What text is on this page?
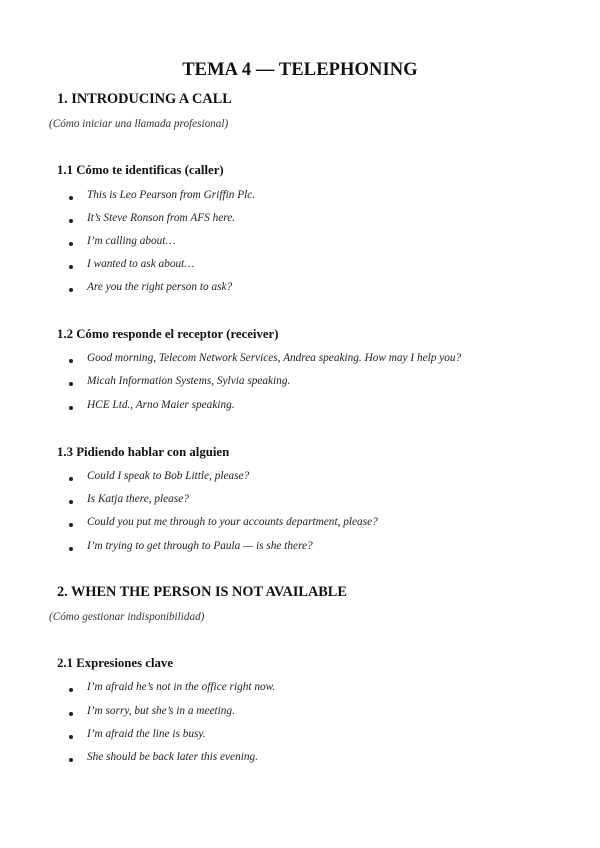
TEMA 4 — TELEPHONING
1. INTRODUCING A CALL
(Cómo iniciar una llamada profesional)
1.1 Cómo te identificas (caller)
This is Leo Pearson from Griffin Plc.
It’s Steve Ronson from AFS here.
I’m calling about…
I wanted to ask about…
Are you the right person to ask?
1.2 Cómo responde el receptor (receiver)
Good morning, Telecom Network Services, Andrea speaking. How may I help you?
Micah Information Systems, Sylvia speaking.
HCE Ltd., Arno Maier speaking.
1.3 Pidiendo hablar con alguien
Could I speak to Bob Little, please?
Is Katja there, please?
Could you put me through to your accounts department, please?
I’m trying to get through to Paula — is she there?
2. WHEN THE PERSON IS NOT AVAILABLE
(Cómo gestionar indisponibilidad)
2.1 Expresiones clave
I’m afraid he’s not in the office right now.
I’m sorry, but she’s in a meeting.
I’m afraid the line is busy.
She should be back later this evening.
